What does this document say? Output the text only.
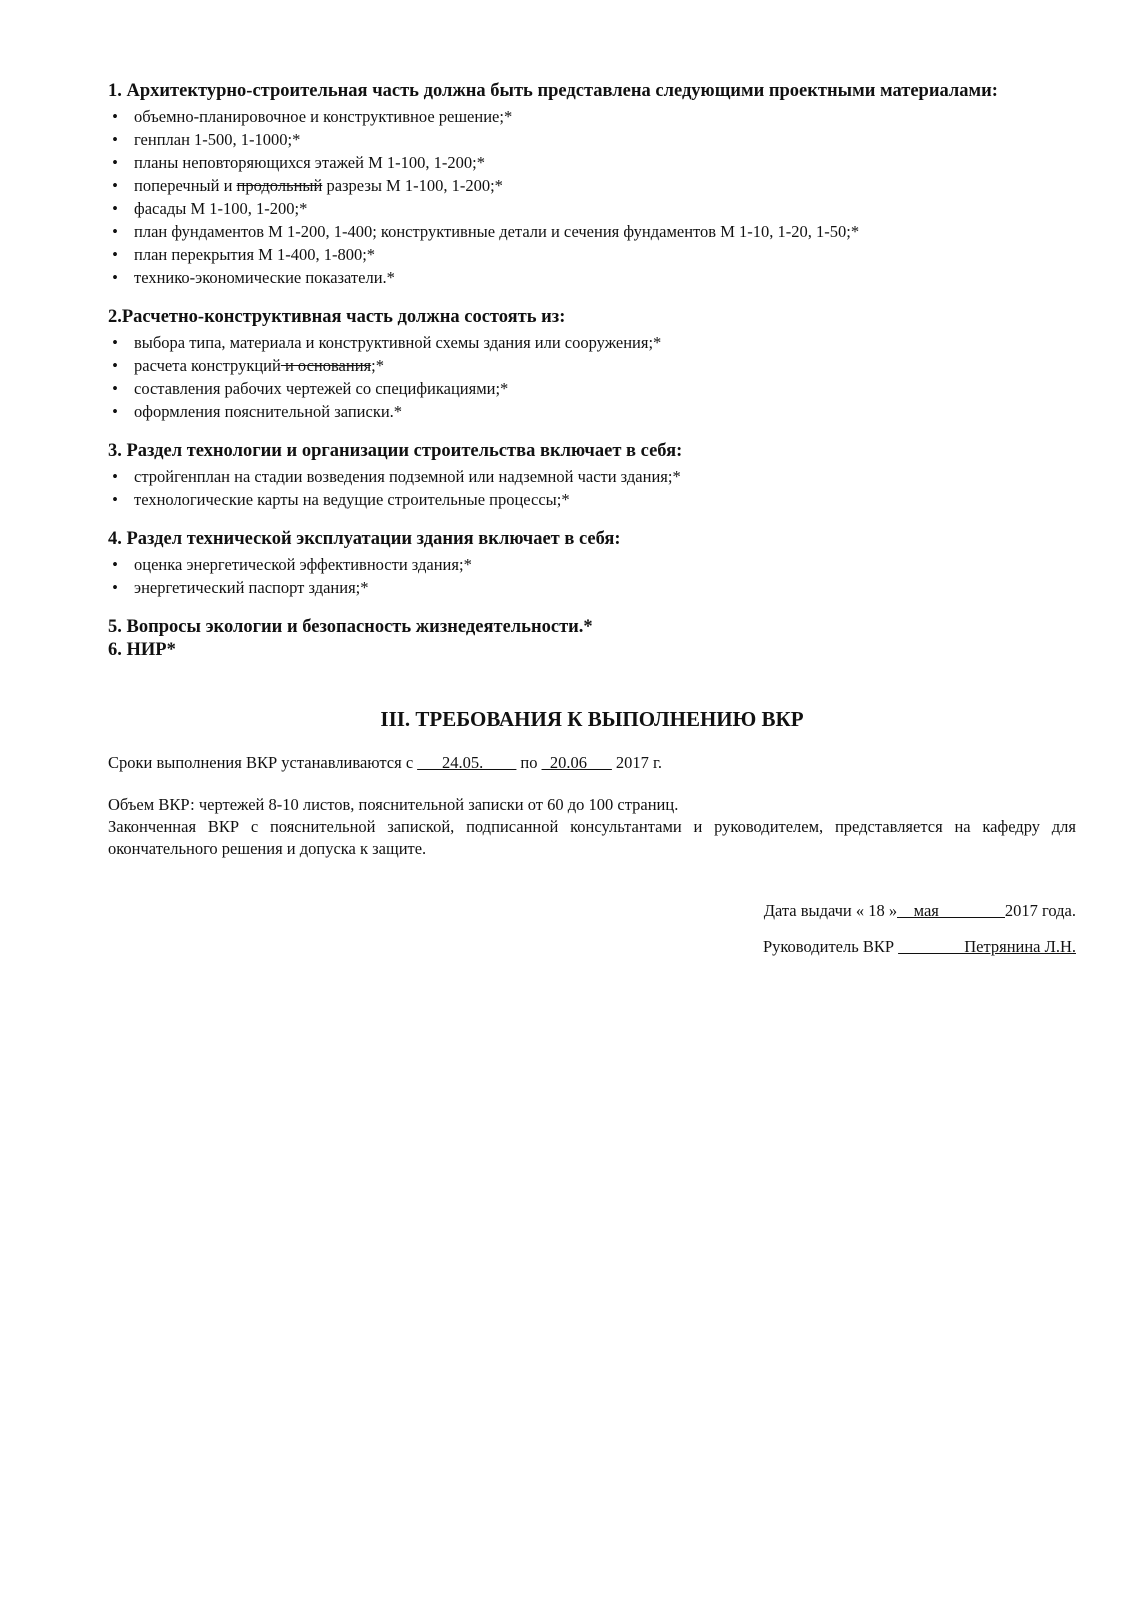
1. Архитектурно-строительная часть должна быть представлена следующими проектными материалами:

• объемно-планировочное и конструктивное решение;*
• генплан 1-500, 1-1000;*
• планы неповторяющихся этажей М 1-100, 1-200;*
• поперечный и продольный разрезы М 1-100, 1-200;*
• фасады М 1-100, 1-200;*
• план фундаментов М 1-200, 1-400; конструктивные детали и сечения фундаментов М 1-10, 1-20, 1-50;*
• план перекрытия М 1-400, 1-800;*
• технико-экономические показатели.*

2.Расчетно-конструктивная часть должна состоять из:

• выбора типа, материала и конструктивной схемы здания или сооружения;*
• расчета конструкций и основания;*
• составления рабочих чертежей со спецификациями;*
• оформления пояснительной записки.*

3. Раздел технологии и организации строительства включает в себя:

• стройгенплан на стадии возведения подземной или надземной части здания;*
• технологические карты на ведущие строительные процессы;*

4. Раздел технической эксплуатации здания включает в себя:

• оценка энергетической эффективности здания;*
• энергетический паспорт здания;*

5. Вопросы экологии и безопасность жизнедеятельности.*

6. НИР*

III. ТРЕБОВАНИЯ К ВЫПОЛНЕНИЮ ВКР

Сроки выполнения ВКР устанавливаются с ___24.05.____ по _20.06___ 2017 г.

Объем ВКР: чертежей 8-10 листов, пояснительной записки от 60 до 100 страниц.

Законченная ВКР с пояснительной запиской, подписанной консультантами и руководителем, представляется на кафедру для окончательного решения и допуска к защите.

Дата выдачи « 18 »__мая________2017 года.

Руководитель ВКР ________Петрянина Л.Н.
